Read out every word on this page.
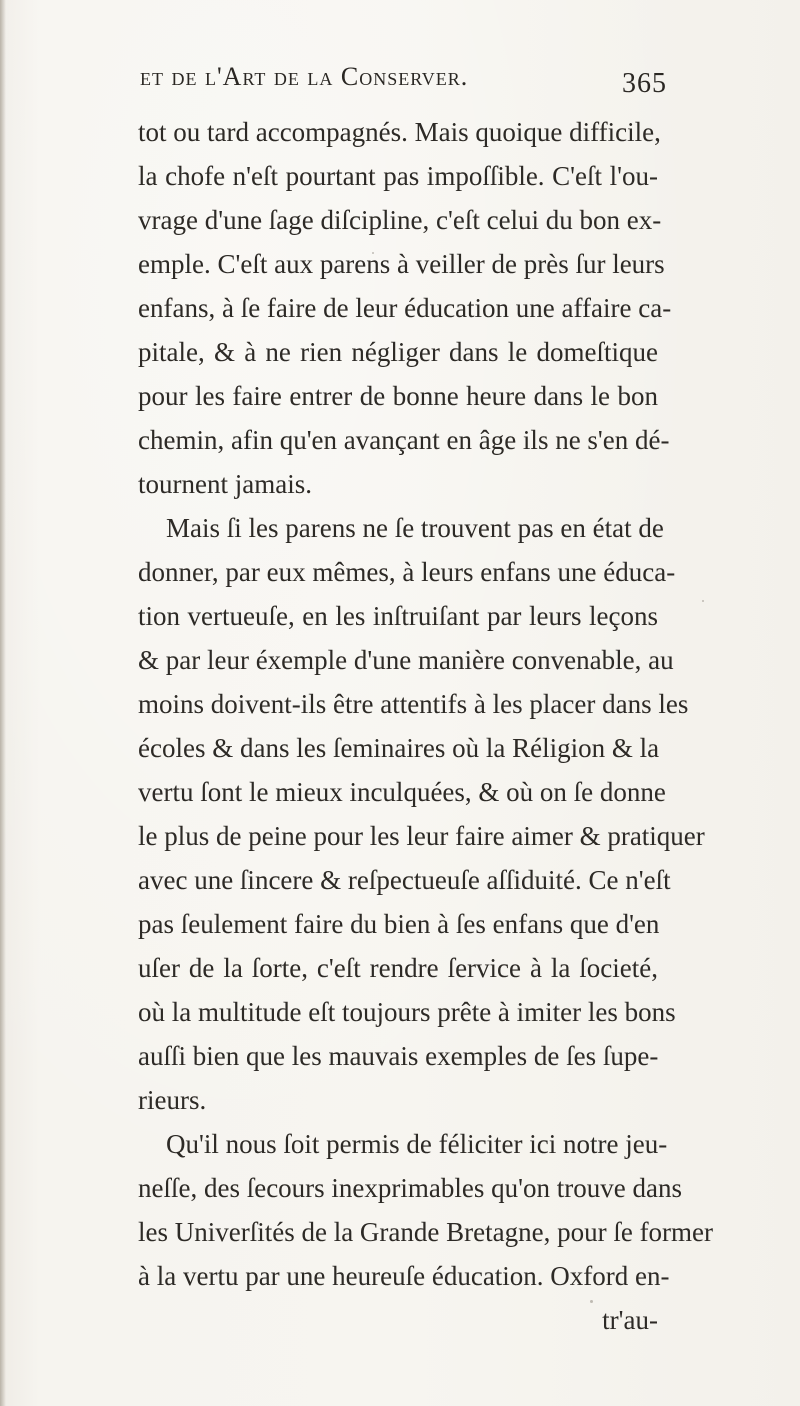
et de l'Art de la Conserver.	365
tot ou tard accompagnés. Mais quoique difficile,
la chofe n'eſt pourtant pas impoſſible. C'eſt l'ou-
vrage d'une ſage diſcipline, c'eſt celui du bon ex-
emple. C'eſt aux parens à veiller de près ſur leurs
enfans, à ſe faire de leur éducation une affaire ca-
pitale, & à ne rien négliger dans le domeſtique
pour les faire entrer de bonne heure dans le bon
chemin, afin qu'en avançant en âge ils ne s'en dé-
tournent jamais.
Mais ſi les parens ne ſe trouvent pas en état de
donner, par eux mêmes, à leurs enfans une éduca-
tion vertueuſe, en les inſtruiſant par leurs leçons
& par leur éxemple d'une manière convenable, au
moins doivent-ils être attentifs à les placer dans les
écoles & dans les ſeminaires où la Réligion & la
vertu ſont le mieux inculquées, & où on ſe donne
le plus de peine pour les leur faire aimer & pratiquer
avec une ſincere & reſpectueuſe aſſiduité. Ce n'eſt
pas ſeulement faire du bien à ſes enfans que d'en
uſer de la ſorte, c'eſt rendre ſervice à la ſocieté,
où la multitude eſt toujours prête à imiter les bons
auſſi bien que les mauvais exemples de ſes ſupe-
rieurs.
Qu'il nous ſoit permis de féliciter ici notre jeu-
neſſe, des ſecours inexprimables qu'on trouve dans
les Univerſités de la Grande Bretagne, pour ſe former
à la vertu par une heureuſe éducation. Oxford en-
tr'au-
